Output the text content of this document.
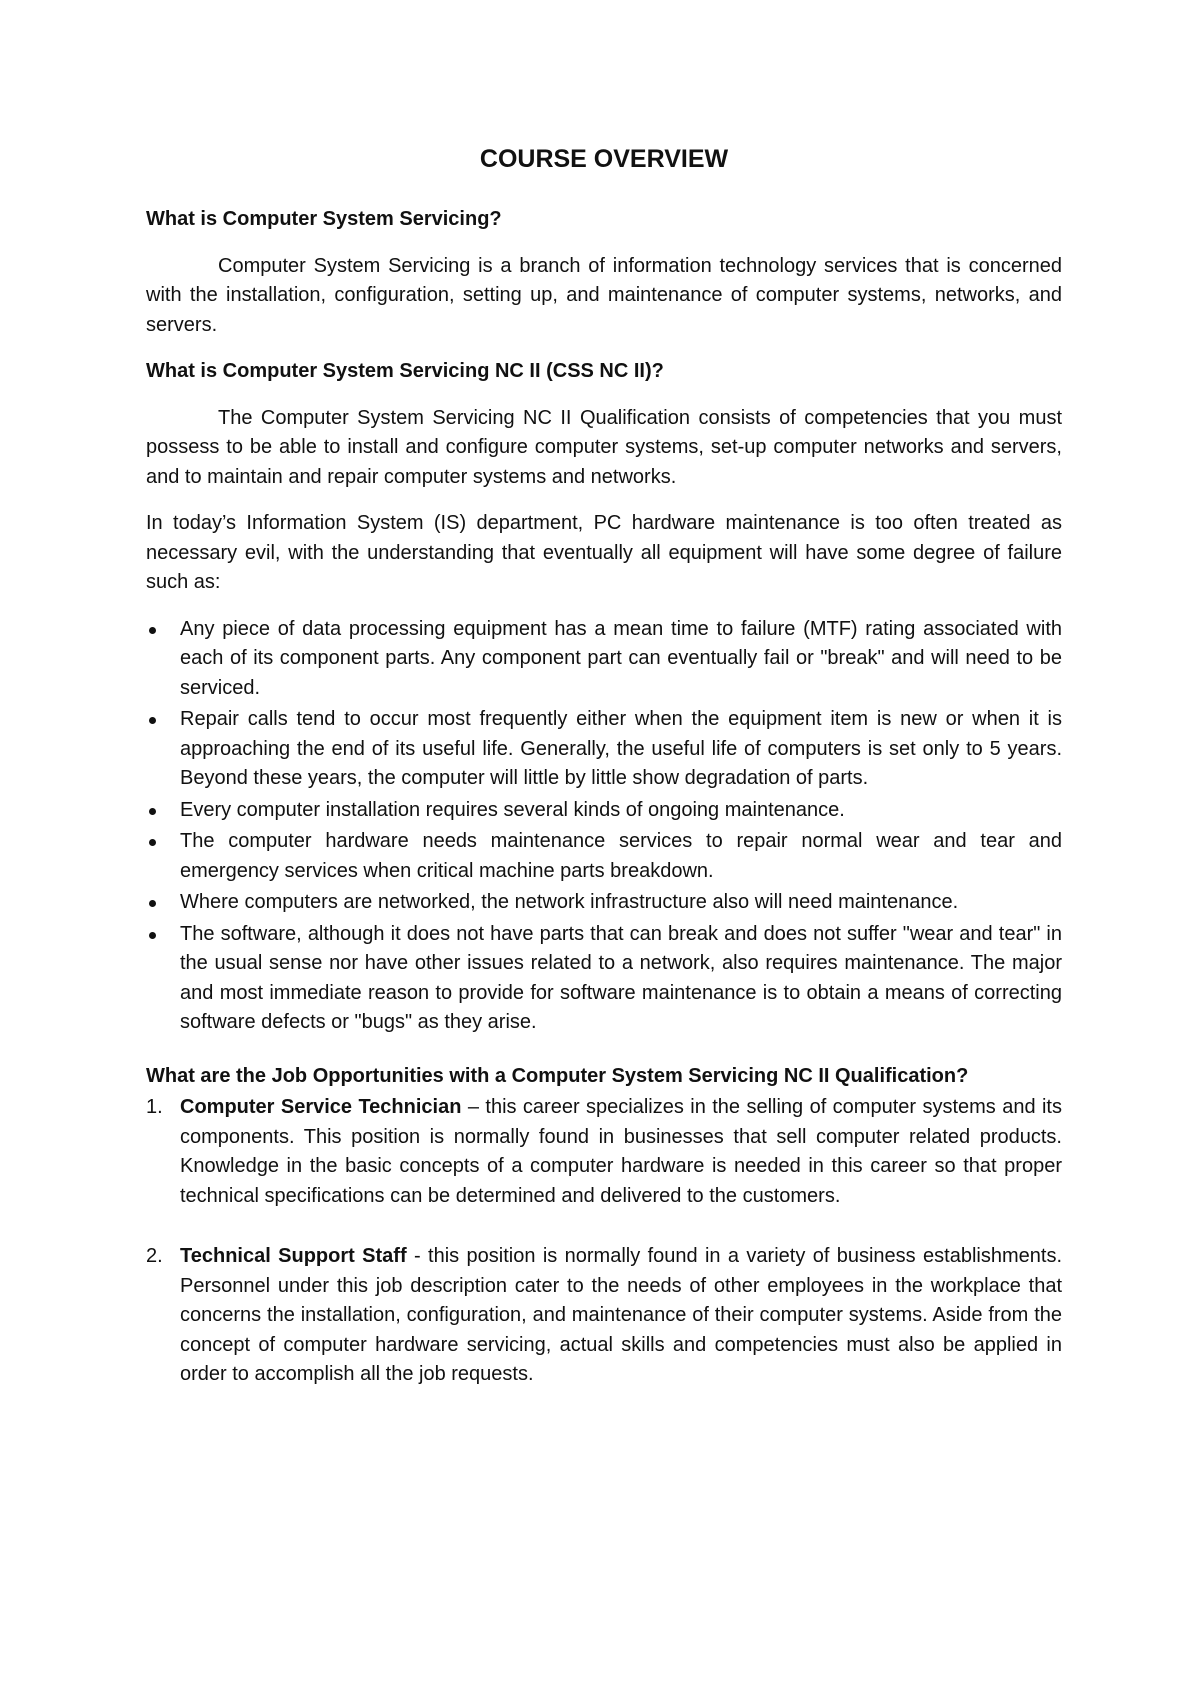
COURSE OVERVIEW
What is Computer System Servicing?
Computer System Servicing is a branch of information technology services that is concerned with the installation, configuration, setting up, and maintenance of computer systems, networks, and servers.
What is Computer System Servicing NC II (CSS NC II)?
The Computer System Servicing NC II Qualification consists of competencies that you must possess to be able to install and configure computer systems, set-up computer networks and servers, and to maintain and repair computer systems and networks.
In today’s Information System (IS) department, PC hardware maintenance is too often treated as necessary evil, with the understanding that eventually all equipment will have some degree of failure such as:
Any piece of data processing equipment has a mean time to failure (MTF) rating associated with each of its component parts. Any component part can eventually fail or "break" and will need to be serviced.
Repair calls tend to occur most frequently either when the equipment item is new or when it is approaching the end of its useful life. Generally, the useful life of computers is set only to 5 years. Beyond these years, the computer will little by little show degradation of parts.
Every computer installation requires several kinds of ongoing maintenance.
The computer hardware needs maintenance services to repair normal wear and tear and emergency services when critical machine parts breakdown.
Where computers are networked, the network infrastructure also will need maintenance.
The software, although it does not have parts that can break and does not suffer "wear and tear" in the usual sense nor have other issues related to a network, also requires maintenance. The major and most immediate reason to provide for software maintenance is to obtain a means of correcting software defects or "bugs" as they arise.
What are the Job Opportunities with a Computer System Servicing NC II Qualification?
1. Computer Service Technician – this career specializes in the selling of computer systems and its components. This position is normally found in businesses that sell computer related products. Knowledge in the basic concepts of a computer hardware is needed in this career so that proper technical specifications can be determined and delivered to the customers.
2. Technical Support Staff - this position is normally found in a variety of business establishments. Personnel under this job description cater to the needs of other employees in the workplace that concerns the installation, configuration, and maintenance of their computer systems. Aside from the concept of computer hardware servicing, actual skills and competencies must also be applied in order to accomplish all the job requests.
